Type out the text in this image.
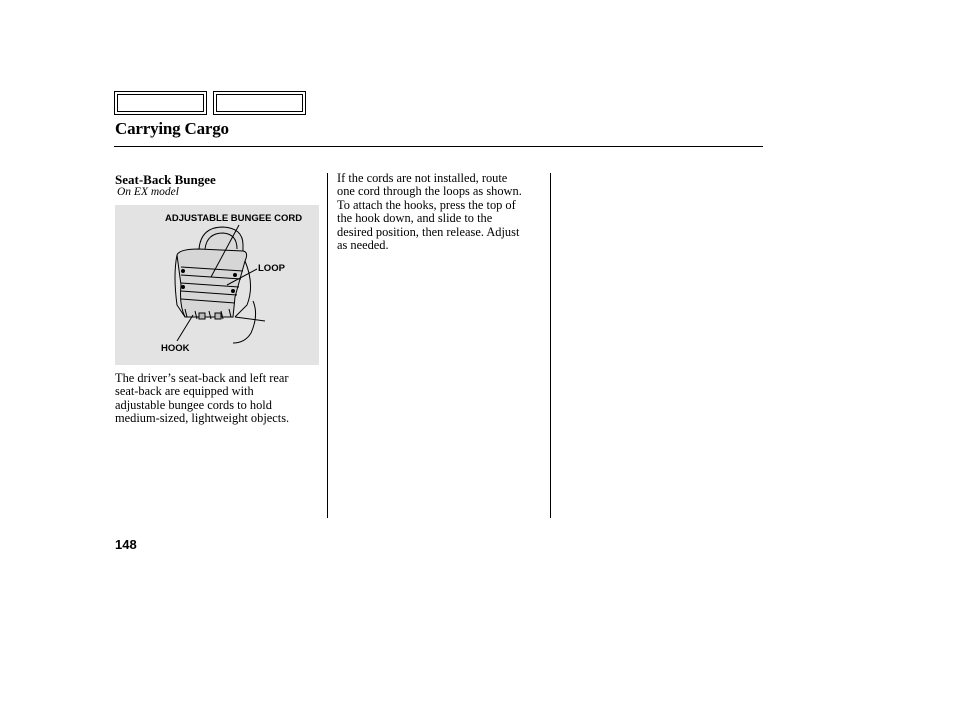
Carrying Cargo
Seat-Back Bungee
On EX model
ADJUSTABLE BUNGEE CORD
LOOP
HOOK
The driver’s seat-back and left rear
seat-back are equipped with
adjustable bungee cords to hold
medium-sized, lightweight objects.
If the cords are not installed, route
one cord through the loops as shown.
To attach the hooks, press the top of
the hook down, and slide to the
desired position, then release. Adjust
as needed.
148
